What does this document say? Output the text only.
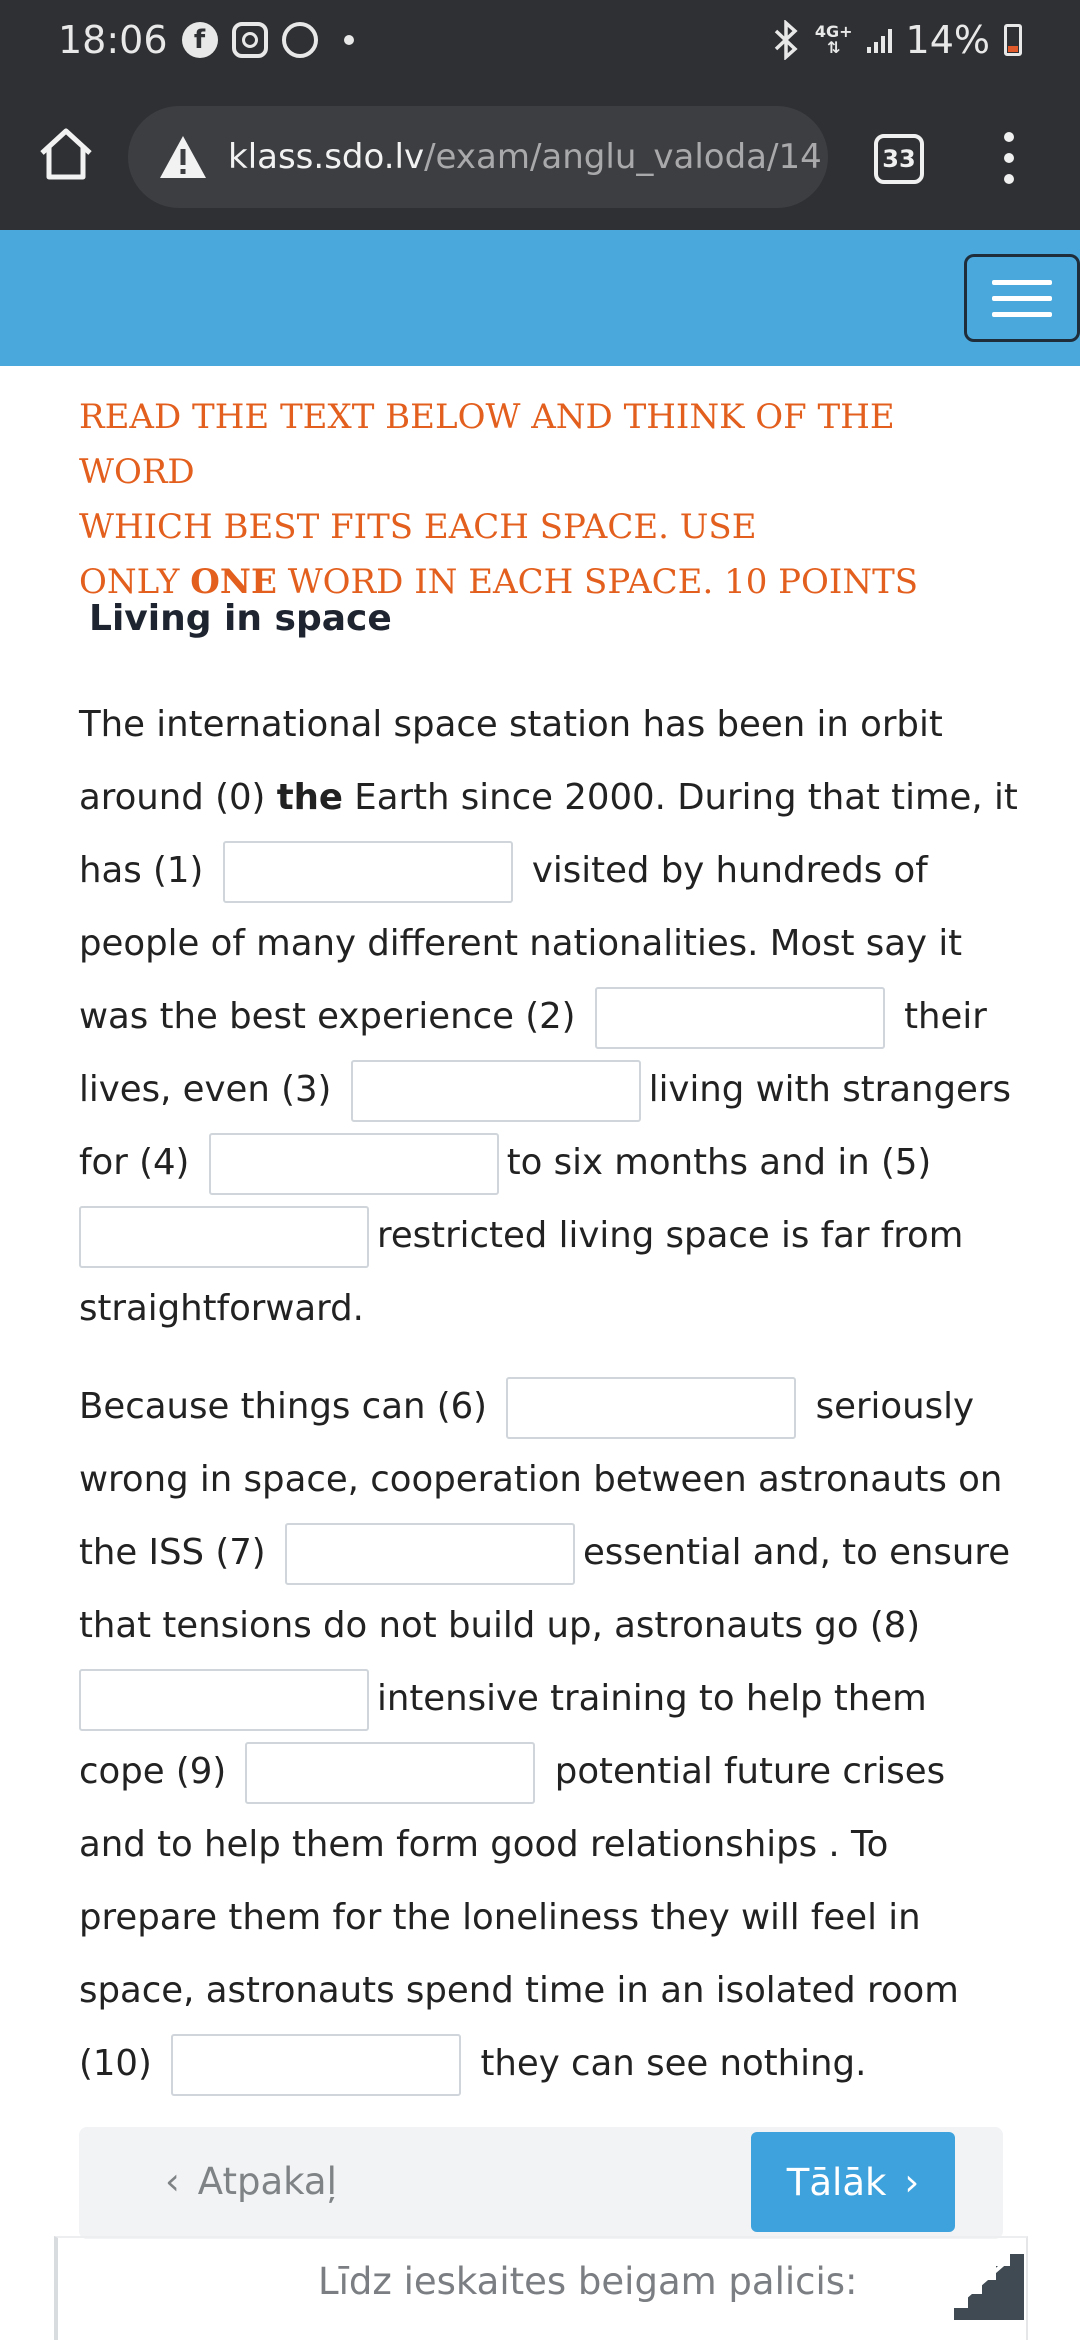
18:06	f	4G+
⇅	14%
klass.sdo.lv /exam/anglu_valoda/14	33
READ THE TEXT BELOW AND THINK OF THE WORD
WHICH BEST FITS EACH SPACE. USE
ONLY ONE WORD IN EACH SPACE. 10 POINTS
Living in space
The international space station has been in orbit around (0) the Earth since 2000. During that time, it has (1)	visited by hundreds of people of many different nationalities. Most say it was the best experience (2)	their lives, even (3)	living with strangers for (4)	to six months and in (5) restricted living space is far from straightforward.
Because things can (6)	seriously wrong in space, cooperation between astronauts on the ISS (7)	essential and, to ensure that tensions do not build up, astronauts go (8) intensive training to help them cope (9)	potential future crises and to help them form good relationships . To prepare them for the loneliness they will feel in space, astronauts spend time in an isolated room (10)	they can see nothing.
‹ Atpakaļ	Tālāk ›
Līdz ieskaites beigam palicis:
